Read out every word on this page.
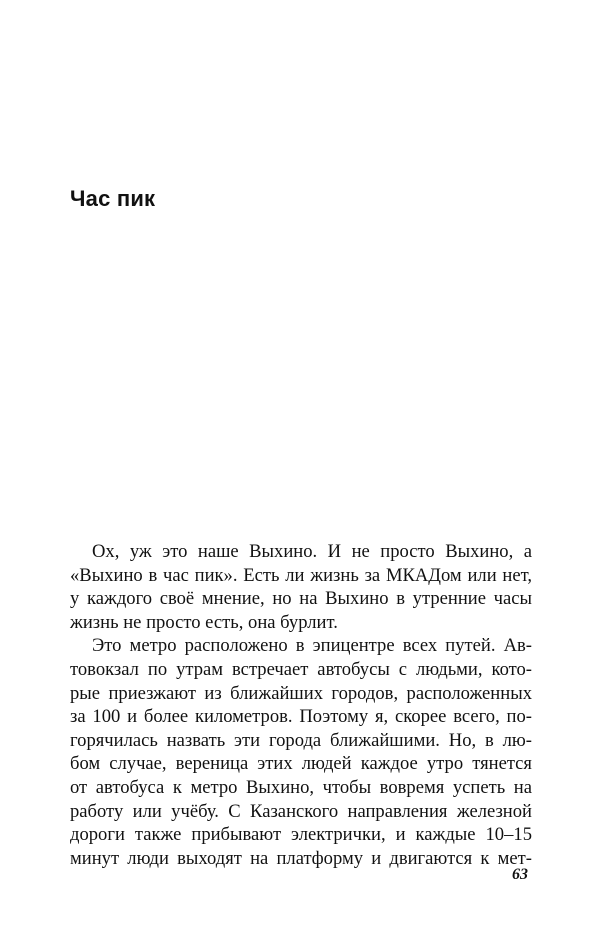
Час пик
Ох, уж это наше Выхино. И не просто Выхино, а
«Выхино в час пик». Есть ли жизнь за МКАДом или нет,
у каждого своё мнение, но на Выхино в утренние часы
жизнь не просто есть, она бурлит.
Это метро расположено в эпицентре всех путей. Ав-
товокзал по утрам встречает автобусы с людьми, кото-
рые приезжают из ближайших городов, расположенных
за 100 и более километров. Поэтому я, скорее всего, по-
горячилась назвать эти города ближайшими. Но, в лю-
бом случае, вереница этих людей каждое утро тянется
от автобуса к метро Выхино, чтобы вовремя успеть на
работу или учёбу. С Казанского направления железной
дороги также прибывают электрички, и каждые 10–15
минут люди выходят на платформу и двигаются к мет-
63
